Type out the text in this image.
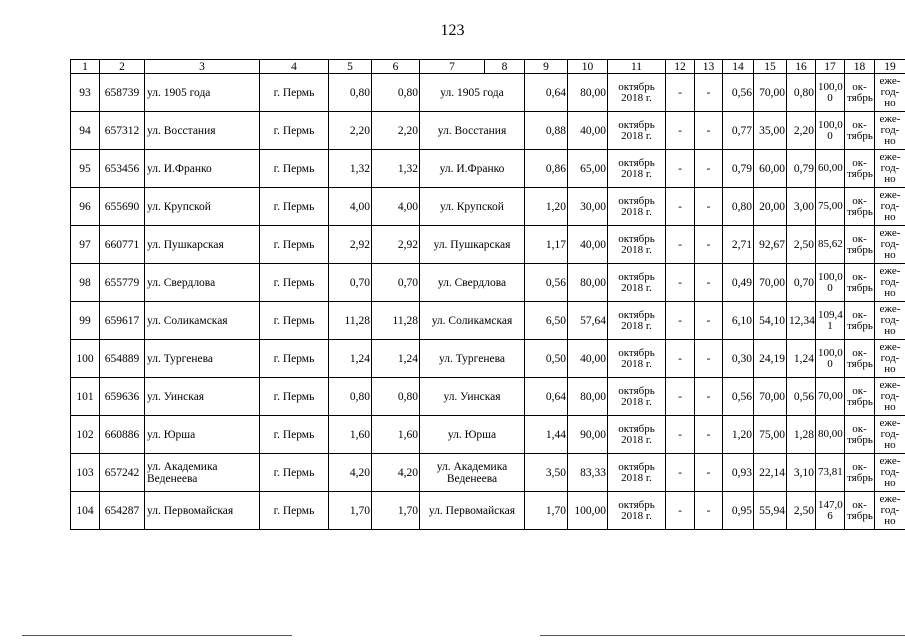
123
1	2	3	4	5	6	7	8	9	10	11	12	13	14	15	16	17	18	19
93	658739	ул. 1905 года	г. Пермь	0,80	0,80	ул. 1905 года		0,64	80,00	октябрь 2018 г.	-	-	0,56	70,00	0,80	100,0 0	ок- тябрь	еже- год- но
94	657312	ул. Восстания	г. Пермь	2,20	2,20	ул. Восстания		0,88	40,00	октябрь 2018 г.	-	-	0,77	35,00	2,20	100,0 0	ок- тябрь	еже- год- но
95	653456	ул. И.Франко	г. Пермь	1,32	1,32	ул. И.Франко		0,86	65,00	октябрь 2018 г.	-	-	0,79	60,00	0,79	60,00	ок- тябрь	еже- год- но
96	655690	ул. Крупской	г. Пермь	4,00	4,00	ул. Крупской		1,20	30,00	октябрь 2018 г.	-	-	0,80	20,00	3,00	75,00	ок- тябрь	еже- год- но
97	660771	ул. Пушкарская	г. Пермь	2,92	2,92	ул. Пушкарская		1,17	40,00	октябрь 2018 г.	-	-	2,71	92,67	2,50	85,62	ок- тябрь	еже- год- но
98	655779	ул. Свердлова	г. Пермь	0,70	0,70	ул. Свердлова		0,56	80,00	октябрь 2018 г.	-	-	0,49	70,00	0,70	100,0 0	ок- тябрь	еже- год- но
99	659617	ул. Соликамская	г. Пермь	11,28	11,28	ул. Соликамская		6,50	57,64	октябрь 2018 г.	-	-	6,10	54,10	12,34	109,4 1	ок- тябрь	еже- год- но
100	654889	ул. Тургенева	г. Пермь	1,24	1,24	ул. Тургенева		0,50	40,00	октябрь 2018 г.	-	-	0,30	24,19	1,24	100,0 0	ок- тябрь	еже- год- но
101	659636	ул. Уинская	г. Пермь	0,80	0,80	ул. Уинская		0,64	80,00	октябрь 2018 г.	-	-	0,56	70,00	0,56	70,00	ок- тябрь	еже- год- но
102	660886	ул. Юрша	г. Пермь	1,60	1,60	ул. Юрша		1,44	90,00	октябрь 2018 г.	-	-	1,20	75,00	1,28	80,00	ок- тябрь	еже- год- но
103	657242	ул. Академика Веденеева	г. Пермь	4,20	4,20	ул. Академика Веденеева		3,50	83,33	октябрь 2018 г.	-	-	0,93	22,14	3,10	73,81	ок- тябрь	еже- год- но
104	654287	ул. Первомайская	г. Пермь	1,70	1,70	ул. Первомайская		1,70	100,00	октябрь 2018 г.	-	-	0,95	55,94	2,50	147,0 6	ок- тябрь	еже- год- но
